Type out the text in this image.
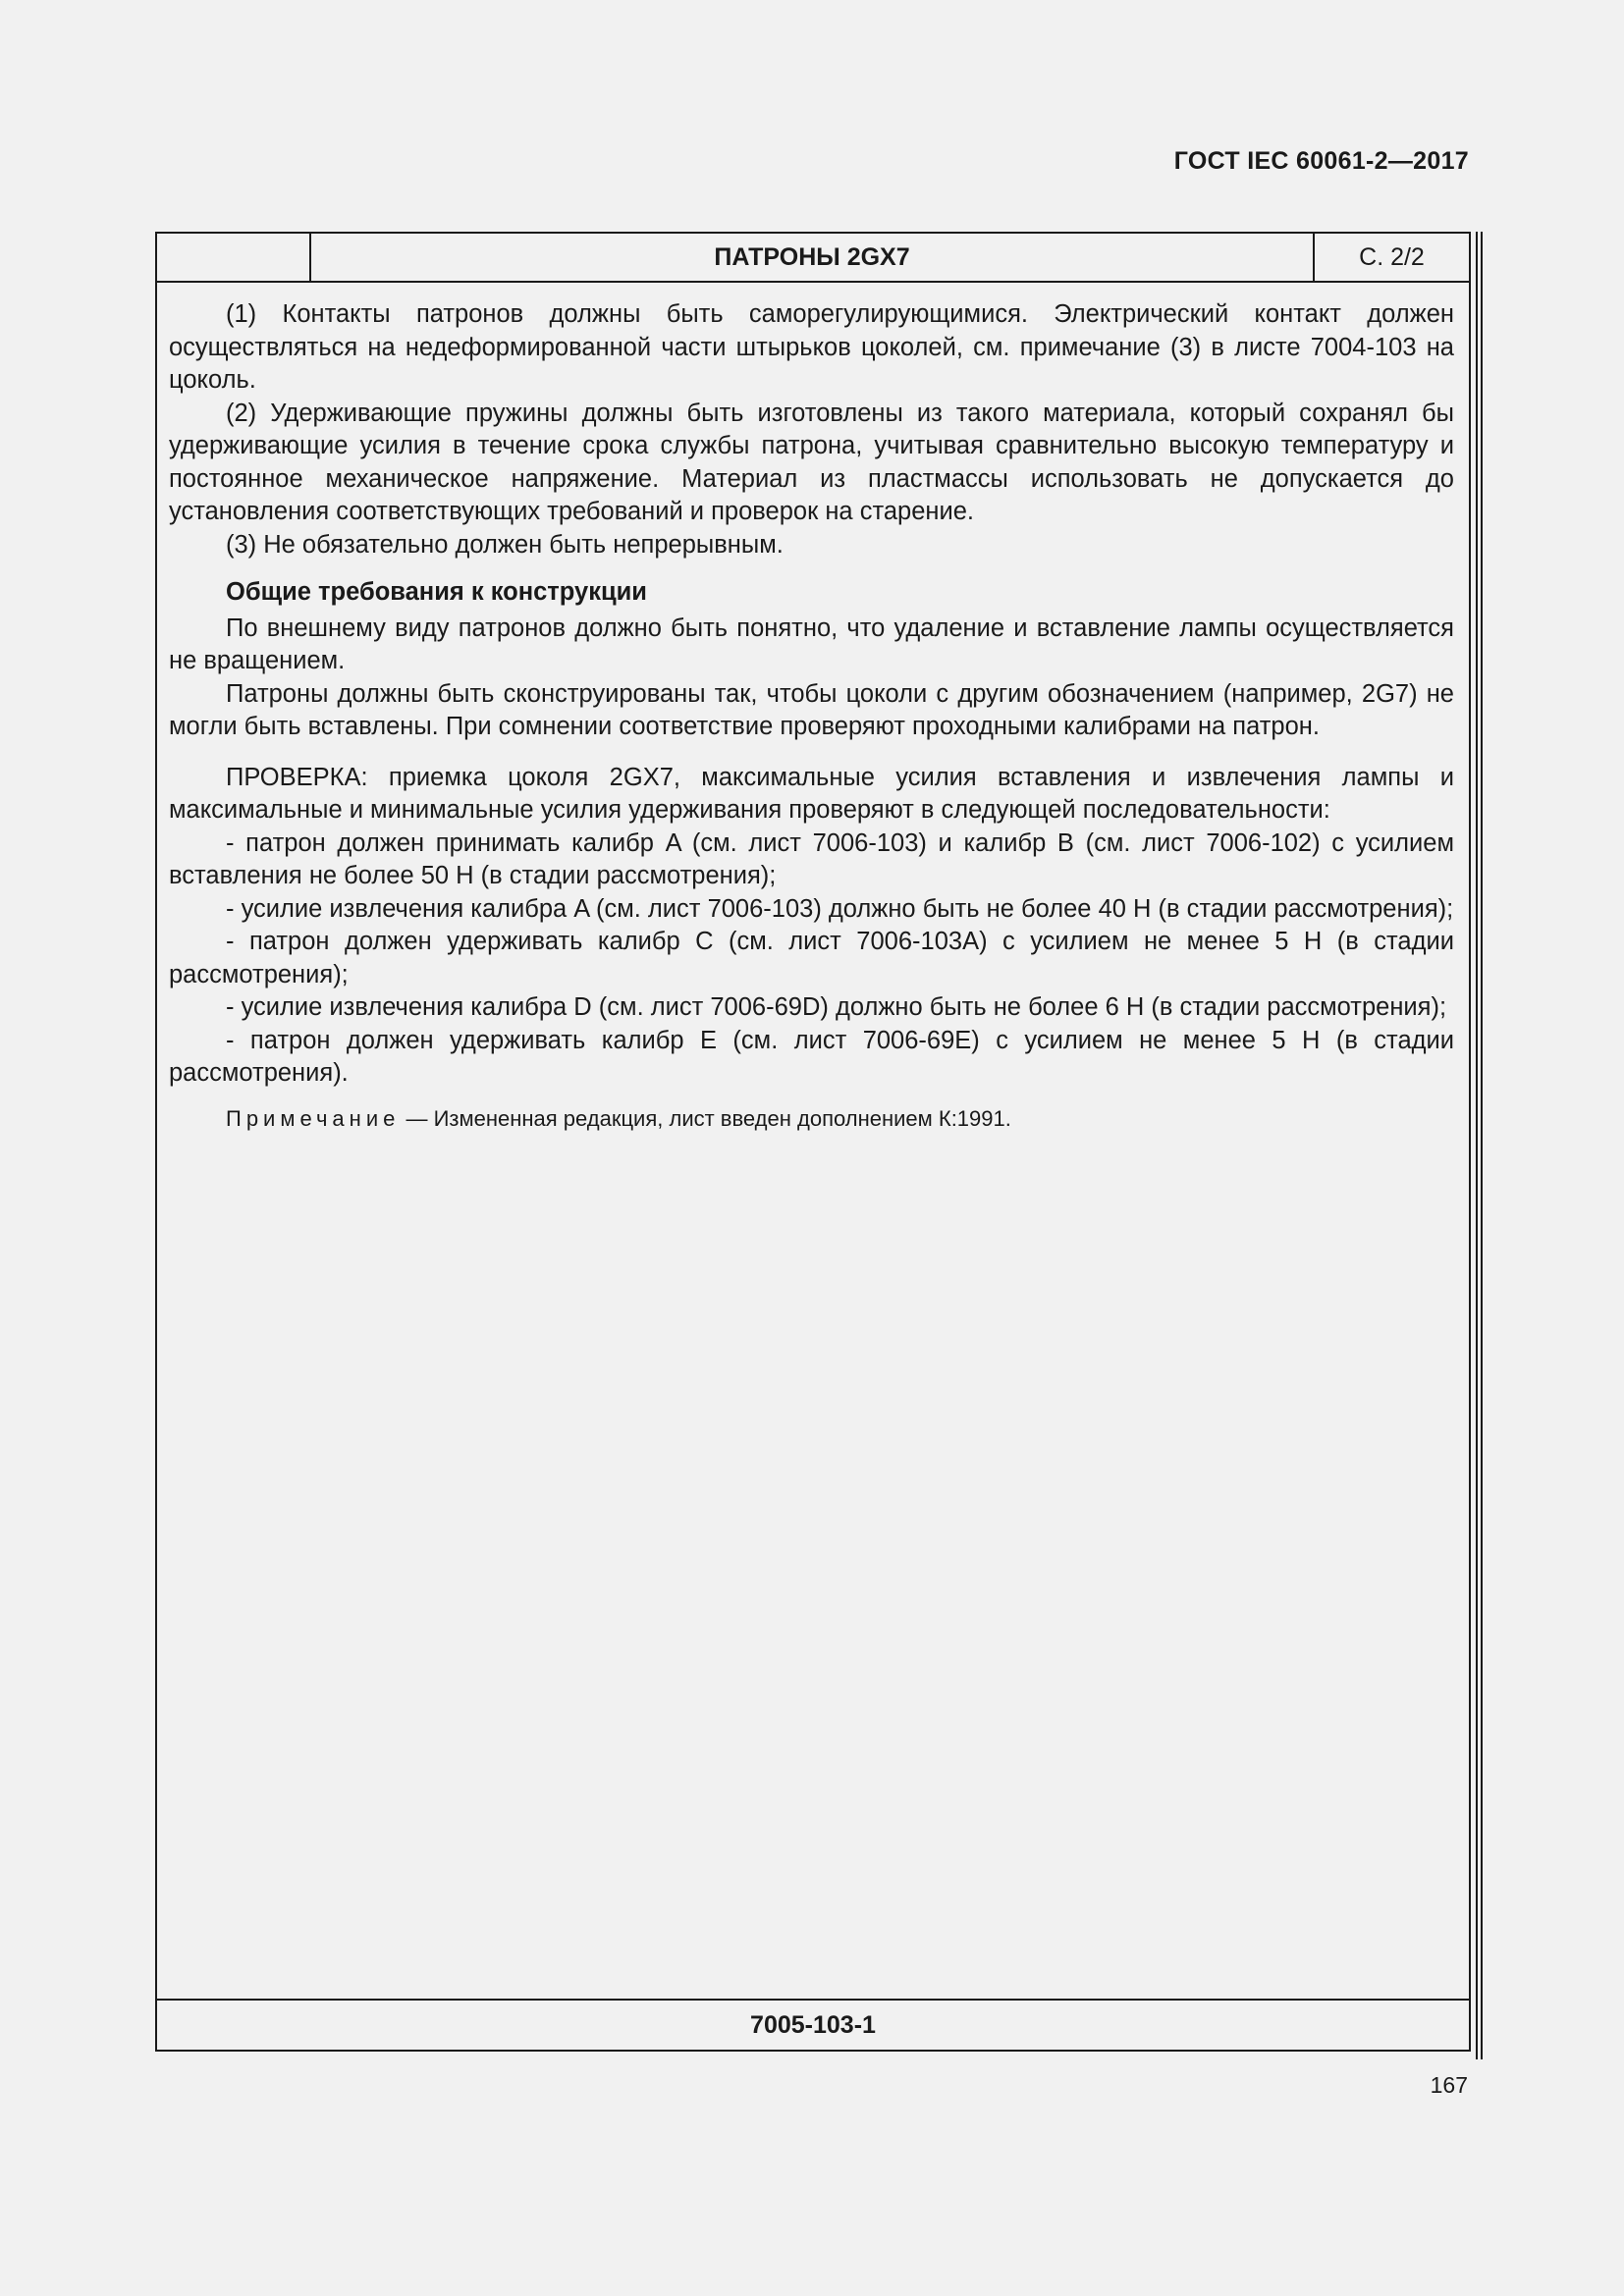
ГОСТ IEC 60061-2—2017
ПАТРОНЫ 2GX7	С. 2/2

(1) Контакты патронов должны быть саморегулирующимися. Электрический контакт должен осуществляться на недеформированной части штырьков цоколей, см. примечание (3) в листе 7004-103 на цоколь.

(2) Удерживающие пружины должны быть изготовлены из такого материала, который сохранял бы удерживающие усилия в течение срока службы патрона, учитывая сравнительно высокую температуру и постоянное механическое напряжение. Материал из пластмассы использовать не допускается до установления соответствующих требований и проверок на старение.

(3) Не обязательно должен быть непрерывным.

Общие требования к конструкции

По внешнему виду патронов должно быть понятно, что удаление и вставление лампы осуществляется не вращением.

Патроны должны быть сконструированы так, чтобы цоколи с другим обозначением (например, 2G7) не могли быть вставлены. При сомнении соответствие проверяют проходными калибрами на патрон.

ПРОВЕРКА: приемка цоколя 2GX7, максимальные усилия вставления и извлечения лампы и максимальные и минимальные усилия удерживания проверяют в следующей последовательности:

- патрон должен принимать калибр A (см. лист 7006-103) и калибр B (см. лист 7006-102) с усилием вставления не более 50 Н (в стадии рассмотрения);

- усилие извлечения калибра A (см. лист 7006-103) должно быть не более 40 Н (в стадии рассмотрения);

- патрон должен удерживать калибр C (см. лист 7006-103A) с усилием не менее 5 Н (в стадии рассмотрения);

- усилие извлечения калибра D (см. лист 7006-69D) должно быть не более 6 Н (в стадии рассмотрения);

- патрон должен удерживать калибр E (см. лист 7006-69E) с усилием не менее 5 Н (в стадии рассмотрения).

Примечание — Измененная редакция, лист введен дополнением К:1991.

7005-103-1
167
